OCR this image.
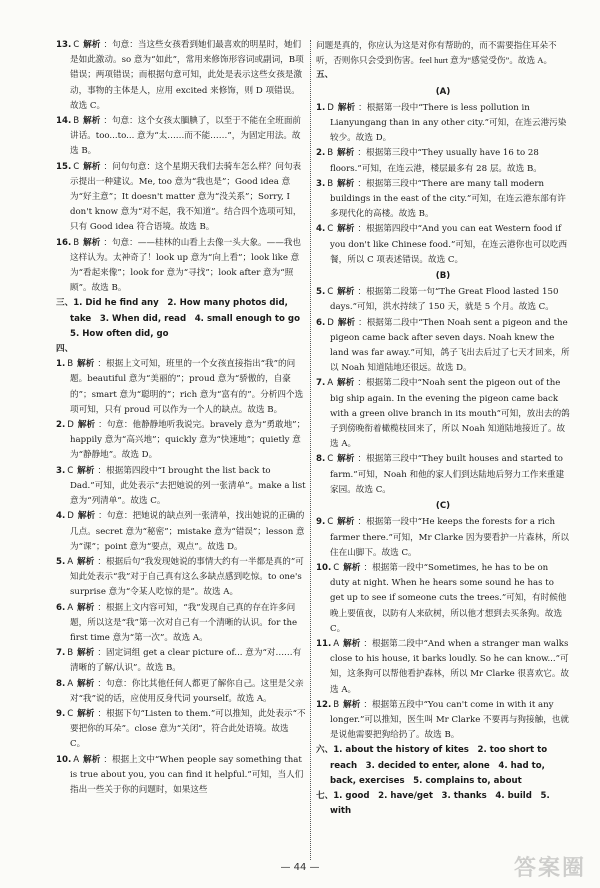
13. C 解析 ：句意：当这些女孩看到她们最喜欢的明星时，她们是如此激动。so 意为“如此”，常用来修饰形容词或副词，B项错误；两项错误；而根据句意可知，此处是表示这些女孩是激动，事物的主体是人，应用 excited 来修饰，则 D 项错误。故选 C。
14. B 解析 ：句意：这个女孩太腼腆了，以至于不能在全班面前讲话。too...to... 意为“太……而不能……”，为固定用法。故选 B。
15. C 解析 ：问句句意：这个星期天我们去骑车怎么样？问句表示提出一种建议。Me, too 意为“我也是”；Good idea 意为“好主意”；It doesn't matter 意为“没关系”；Sorry, I don't know 意为“对不起，我不知道”。结合四个选项可知，只有 Good idea 符合语境。故选 B。
16. B 解析 ：句意：——桂林的山看上去像一头大象。——我也这样认为。太神奇了！look up 意为“向上看”；look like 意为“看起来像”；look for 意为“寻找”；look after 意为“照顾”。故选 B。
三、1. Did he find any　2. How many photos did, take　3. When did, read　4. small enough to go　5. How often did, go
四、
1. B 解析 ：根据上文可知，班里的一个女孩直接指出“我”的问题。beautiful 意为“美丽的”；proud 意为“骄傲的，自豪的”；smart 意为“聪明的”；rich 意为“富有的”。分析四个选项可知，只有 proud 可以作为一个人的缺点。故选 B。
2. D 解析 ：句意：他静静地听我说完。bravely 意为“勇敢地”；happily 意为“高兴地”；quickly 意为“快速地”；quietly 意为“静静地”。故选 D。
3. C 解析 ：根据第四段中“I brought the list back to Dad.”可知，此处表示“去把她说的列一张清单”。make a list 意为“列清单”。故选 C。
4. D 解析 ：句意：把她说的缺点列一张清单，找出她说的正确的几点。secret 意为“秘密”；mistake 意为“错误”；lesson 意为“课”；point 意为“要点，观点”。故选 D。
5. A 解析 ：根据后句“我发现她说的事情大约有一半都是真的”可知此处表示“我”对于自己真有这么多缺点感到吃惊。to one's surprise 意为“令某人吃惊的是”。故选 A。
6. A 解析 ：根据上文内容可知，“我”发现自己真的存在许多问题，所以这是“我”第一次对自己有一个清晰的认识。for the first time 意为“第一次”。故选 A。
7. B 解析 ：固定词组 get a clear picture of... 意为“对……有清晰的了解/认识”。故选 B。
8. A 解析 ：句意：你比其他任何人都更了解你自己。这里是父亲对“我”说的话，应使用反身代词 yourself。故选 A。
9. C 解析 ：根据下句“Listen to them.”可以推知，此处表示“不要把你的耳朵”。close 意为“关闭”，符合此处语境。故选 C。
10. A 解析 ：根据上文中“When people say something that is true about you, you can find it helpful.”可知，当人们指出一些关于你的问题时，如果这些
问题是真的，你应认为这是对你有帮助的，而不需要指住耳朵不听，否则你只会受到伤害。feel hurt 意为“感觉受伤”。故选 A。
五、
(A)
1. D 解析 ：根据第一段中“There is less pollution in Lianyungang than in any other city.”可知，在连云港污染较少。故选 D。
2. B 解析 ：根据第三段中“They usually have 16 to 28 floors.”可知，在连云港，楼层最多有 28 层。故选 B。
3. B 解析 ：根据第三段中“There are many tall modern buildings in the east of the city.”可知，在连云港东部有许多现代化的高楼。故选 B。
4. C 解析 ：根据第四段中“And you can eat Western food if you don't like Chinese food.”可知，在连云港你也可以吃西餐，所以 C 项表述错误。故选 C。
(B)
5. C 解析 ：根据第二段第一句“The Great Flood lasted 150 days.”可知，洪水持续了 150 天，就是 5 个月。故选 C。
6. D 解析 ：根据第二段中“Then Noah sent a pigeon and the pigeon came back after seven days. Noah knew the land was far away.”可知，鸽子飞出去后过了七天才回来，所以 Noah 知道陆地还很远。故选 D。
7. A 解析 ：根据第二段中“Noah sent the pigeon out of the big ship again. In the evening the pigeon came back with a green olive branch in its mouth”可知，放出去的鸽子到傍晚衔着橄榄枝回来了，所以 Noah 知道陆地接近了。故选 A。
8. C 解析 ：根据第三段中“They built houses and started to farm.”可知，Noah 和他的家人们到达陆地后努力工作来重建家园。故选 C。
(C)
9. C 解析 ：根据第一段中“He keeps the forests for a rich farmer there.”可知，Mr Clarke 因为要看护一片森林，所以住在山脚下。故选 C。
10. C 解析 ：根据第一段中“Sometimes, he has to be on duty at night. When he hears some sound he has to get up to see if someone cuts the trees.”可知，有时候他晚上要值夜，以防有人来砍树，所以他才想到去买条狗。故选 C。
11. A 解析 ：根据第二段中“And when a stranger man walks close to his house, it barks loudly. So he can know...”可知，这条狗可以帮他看护森林，所以 Mr Clarke 很喜欢它。故选 A。
12. B 解析 ：根据第五段中“You can't come in with it any longer.”可以推知，医生叫 Mr Clarke 不要再与狗接触，也就是说他需要把狗给扔了。故选 B。
六、1. about the history of kites　2. too short to reach　3. decided to enter, alone　4. had to, back, exercises　5. complains to, about
七、1. good　2. have/get　3. thanks　4. build　5. with
— 44 —	答案圈
